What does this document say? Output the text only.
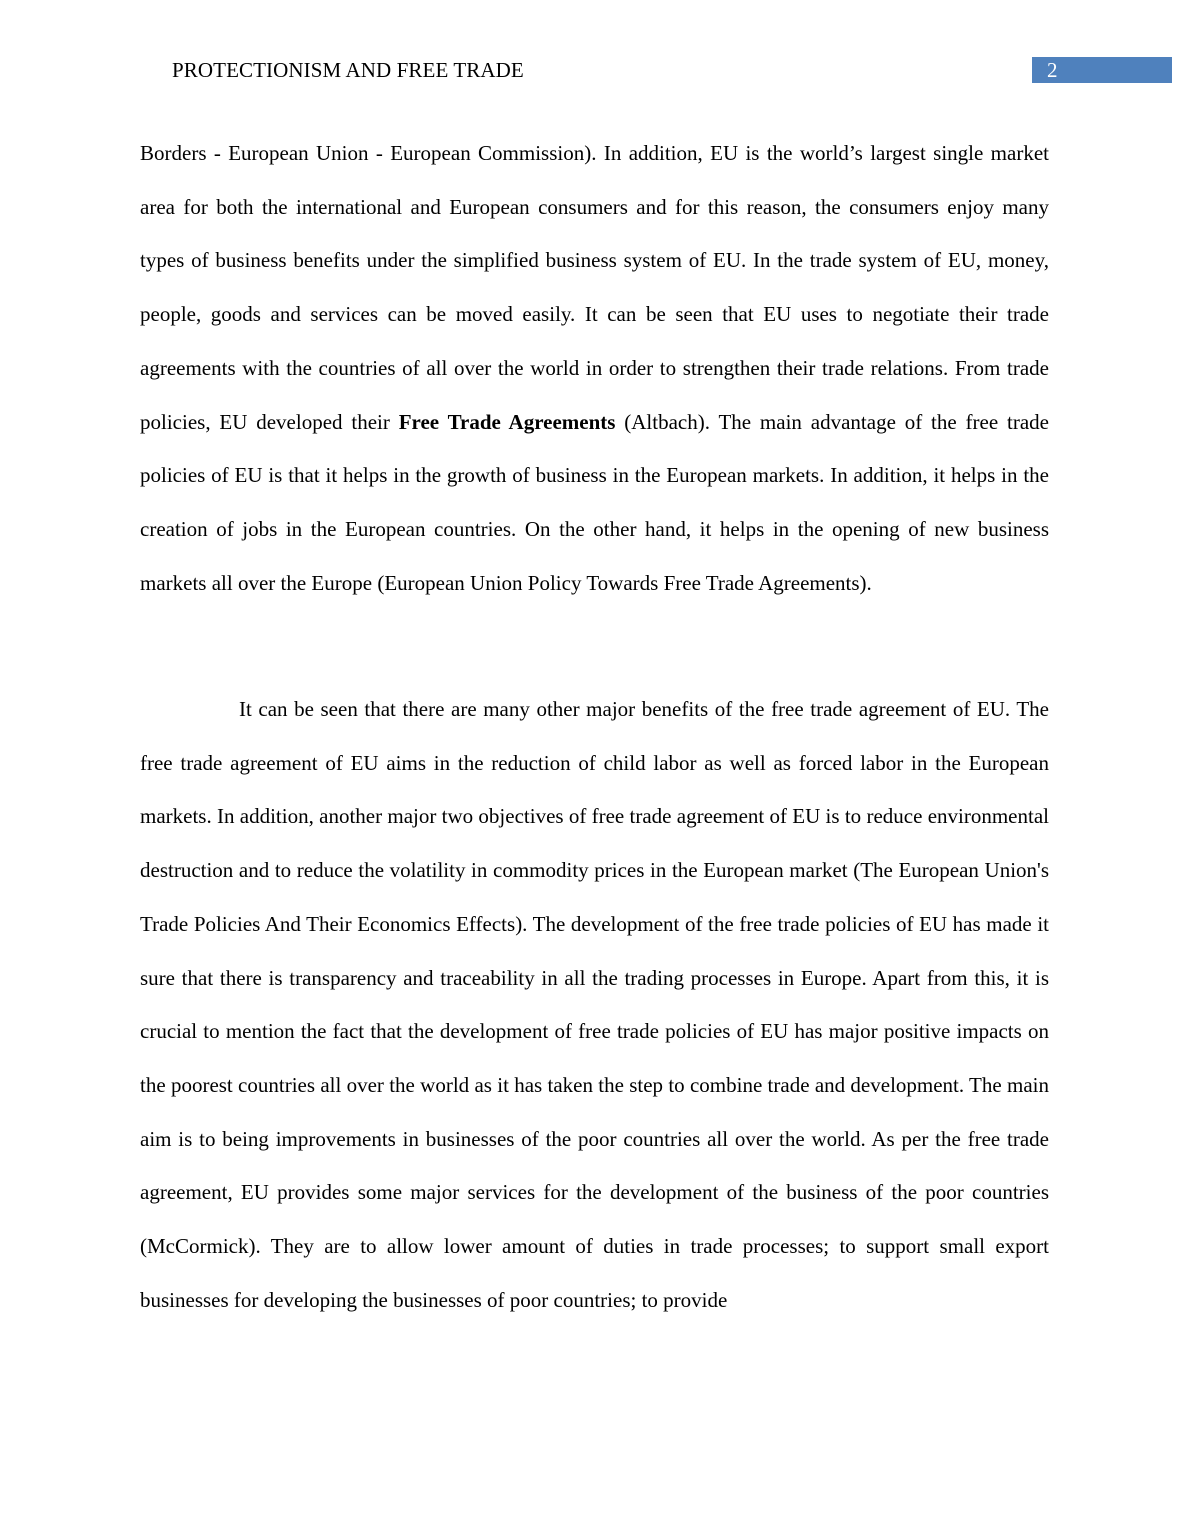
PROTECTIONISM AND FREE TRADE	2

Borders - European Union - European Commission). In addition, EU is the world’s largest single market area for both the international and European consumers and for this reason, the consumers enjoy many types of business benefits under the simplified business system of EU. In the trade system of EU, money, people, goods and services can be moved easily. It can be seen that EU uses to negotiate their trade agreements with the countries of all over the world in order to strengthen their trade relations. From trade policies, EU developed their Free Trade Agreements (Altbach). The main advantage of the free trade policies of EU is that it helps in the growth of business in the European markets. In addition, it helps in the creation of jobs in the European countries. On the other hand, it helps in the opening of new business markets all over the Europe (European Union Policy Towards Free Trade Agreements).

It can be seen that there are many other major benefits of the free trade agreement of EU. The free trade agreement of EU aims in the reduction of child labor as well as forced labor in the European markets. In addition, another major two objectives of free trade agreement of EU is to reduce environmental destruction and to reduce the volatility in commodity prices in the European market (The European Union's Trade Policies And Their Economics Effects). The development of the free trade policies of EU has made it sure that there is transparency and traceability in all the trading processes in Europe. Apart from this, it is crucial to mention the fact that the development of free trade policies of EU has major positive impacts on the poorest countries all over the world as it has taken the step to combine trade and development. The main aim is to being improvements in businesses of the poor countries all over the world. As per the free trade agreement, EU provides some major services for the development of the business of the poor countries (McCormick). They are to allow lower amount of duties in trade processes; to support small export businesses for developing the businesses of poor countries; to provide
